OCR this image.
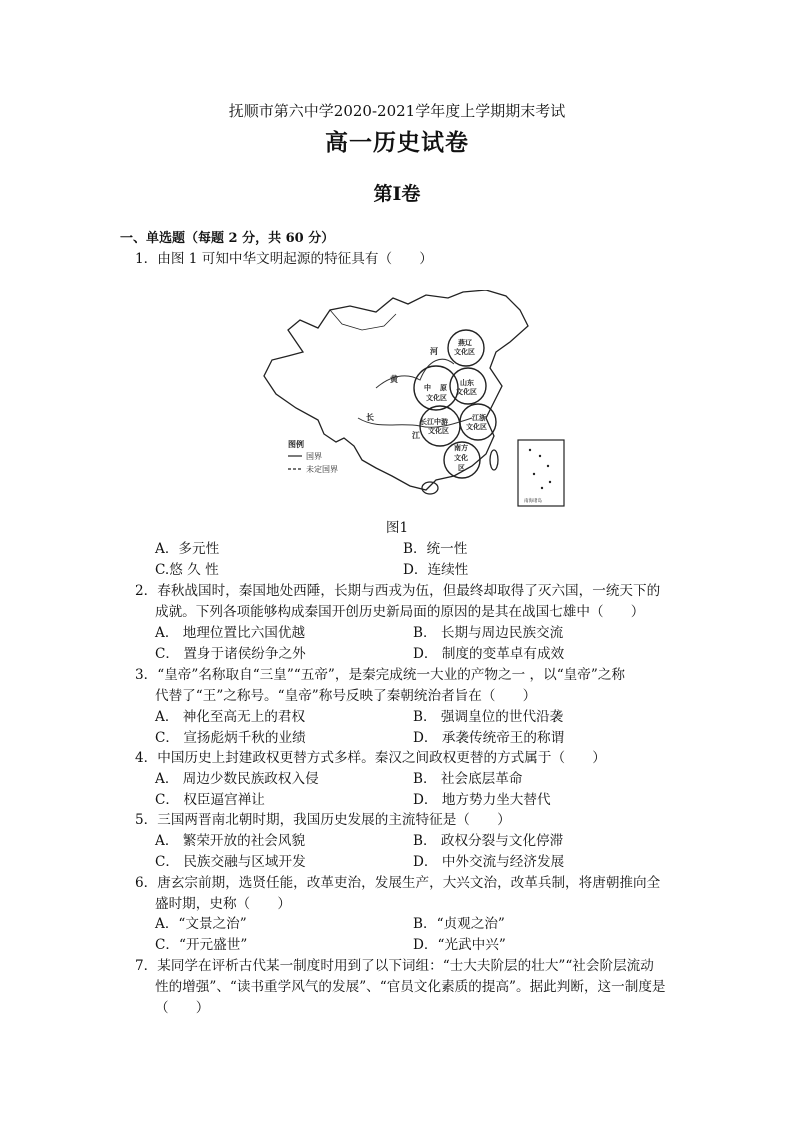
抚顺市第六中学2020-2021学年度上学期期末考试
高一历史试卷
第Ⅰ卷
一、单选题（每题 2 分，共 60 分）
1．由图 1 可知中华文明起源的特征具有（　　）
河
黄
长
江
燕辽
文化区
中 原
文化区
山东
文化区
长江中游
文化区
江浙
文化区
南方
文化
区
南海诸岛
图例
国界
未定国界
图1
A．多元性	B．统一性
C.悠 久 性	D．连续性
2．春秋战国时，秦国地处西陲，长期与西戎为伍，但最终却取得了灭六国，一统天下的
成就。下列各项能够构成秦国开创历史新局面的原因的是其在战国七雄中（　　）
A． 地理位置比六国优越	B． 长期与周边民族交流
C． 置身于诸侯纷争之外	D． 制度的变革卓有成效
3．“皇帝”名称取自“三皇”“五帝”，是秦完成统一大业的产物之一 ，以“皇帝”之称
代替了“王”之称号。“皇帝”称号反映了秦朝统治者旨在（　　）
A． 神化至高无上的君权	B． 强调皇位的世代沿袭
C． 宣扬彪炳千秋的业绩	D． 承袭传统帝王的称谓
4．中国历史上封建政权更替方式多样。秦汉之间政权更替的方式属于（　　）
A． 周边少数民族政权入侵	B． 社会底层革命
C． 权臣逼宫禅让	D． 地方势力坐大替代
5．三国两晋南北朝时期，我国历史发展的主流特征是（　　）
A． 繁荣开放的社会风貌	B． 政权分裂与文化停滞
C． 民族交融与区域开发	D． 中外交流与经济发展
6．唐玄宗前期，选贤任能，改革吏治，发展生产，大兴文治，改革兵制，将唐朝推向全
盛时期，史称（　　）
A．“文景之治”	B．“贞观之治”
C．“开元盛世”	D．“光武中兴”
7．某同学在评析古代某一制度时用到了以下词组：“士大夫阶层的壮大”“社会阶层流动
性的增强”、“读书重学风气的发展”、“官员文化素质的提高”。据此判断，这一制度是
（　　）
